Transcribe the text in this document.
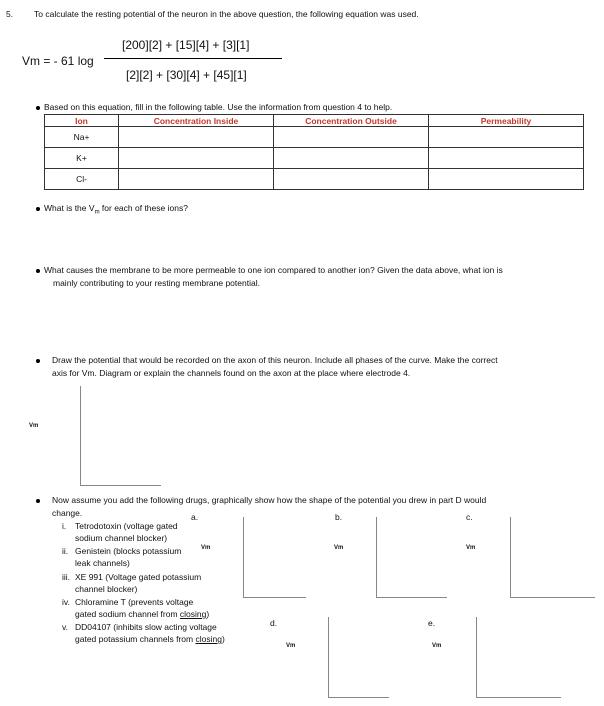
5. To calculate the resting potential of the neuron in the above question, the following equation was used.
Vm = - 61 log
[200][2] + [15][4] + [3][1]
[2][2] + [30][4] + [45][1]
Based on this equation, fill in the following table. Use the information from question 4 to help.
Ion	Concentration Inside	Concentration Outside	Permeability
Na+			
K+			
Cl-			
What is the $V_m$ for each of these ions?
What causes the membrane to be more permeable to one ion compared to another ion? Given the data above, what ion is
mainly contributing to your resting membrane potential.
Draw the potential that would be recorded on the axon of this neuron. Include all phases of the curve. Make the correct
axis for Vm. Diagram or explain the channels found on the axon at the place where electrode 4.
Vm
Now assume you add the following drugs, graphically show how the shape of the potential you drew in part D would
change.
i. Tetrodotoxin (voltage gated
sodium channel blocker)
ii. Genistein (blocks potassium
leak channels)
iii. XE 991 (Voltage gated potassium
channel blocker)
iv. Chloramine T (prevents voltage
gated sodium channel from closing)
v. DD04107 (inhibits slow acting voltage
gated potassium channels from closing)
a.
Vm
b.
Vm
c.
Vm
d.
Vm
e.
Vm
